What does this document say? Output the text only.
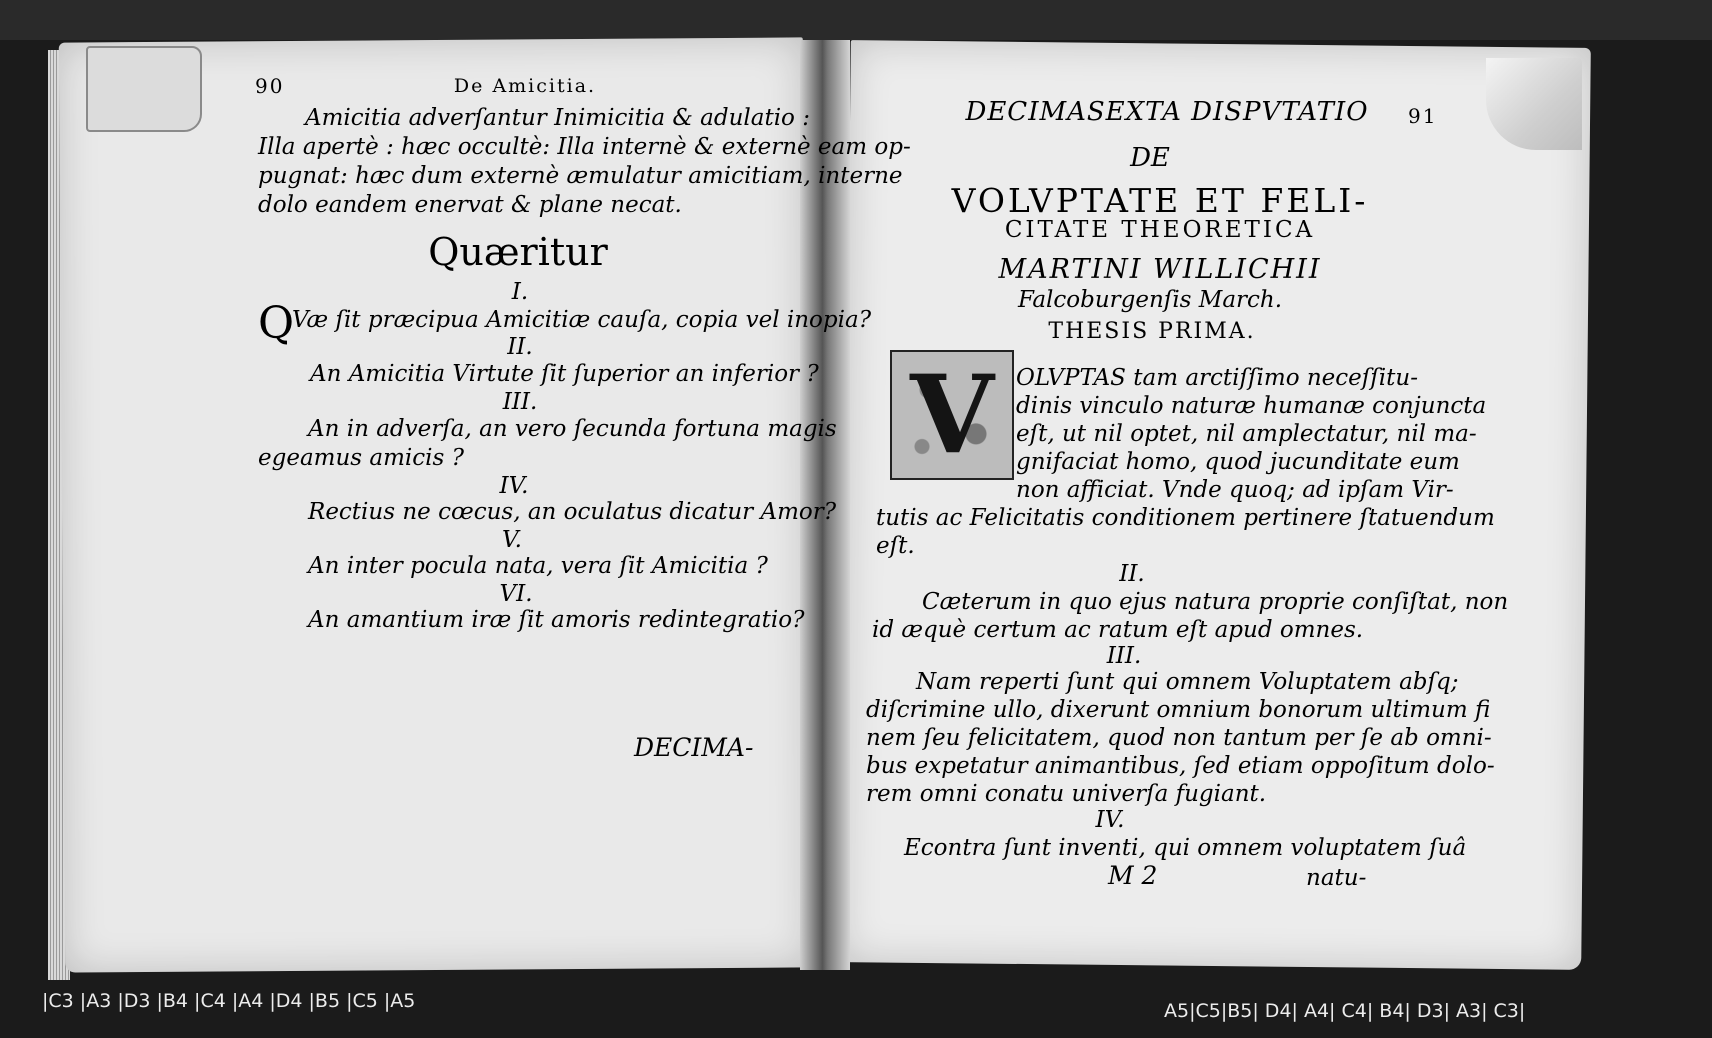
90	De Amicitia.
Amicitia adverſantur Inimicitia & adulatio :
Illa apertè : hæc occultè: Illa internè & externè eam op-
pugnat: hæc dum externè æmulatur amicitiam, interne
dolo eandem enervat & plane necat.
Quæritur
I.
Q
Væ ſit præcipua Amicitiæ cauſa, copia vel inopia?
II.
An Amicitia Virtute ſit ſuperior an inferior ?
III.
An in adverſa, an vero ſecunda fortuna magis
egeamus amicis ?
IV.
Rectius ne cœcus, an oculatus dicatur Amor?
V.
An inter pocula nata, vera ſit Amicitia ?
VI.
An amantium iræ ſit amoris redintegratio?
DECIMA-
91
DECIMASEXTA DISPVTATIO
DE
VOLVPTATE ET FELI-
CITATE THEORETICA
MARTINI WILLICHII
Falcoburgenſis March.
THESIS PRIMA.
V OLVPTAS tam arctiſſimo neceſſitu-
dinis vinculo naturæ humanæ conjuncta
eſt, ut nil optet, nil amplectatur, nil ma-
gnifaciat homo, quod jucunditate eum
non afficiat. Vnde quoq; ad ipſam Vir-
tutis ac Felicitatis conditionem pertinere ſtatuendum
eſt.
II.
Cæterum in quo ejus natura proprie conſiſtat, non
id æquè certum ac ratum eſt apud omnes.
III.
Nam reperti ſunt qui omnem Voluptatem abſq;
diſcrimine ullo, dixerunt omnium bonorum ultimum fi
nem ſeu felicitatem, quod non tantum per ſe ab omni-
bus expetatur animantibus, ſed etiam oppoſitum dolo-
rem omni conatu univerſa fugiant.
IV.
Econtra ſunt inventi, qui omnem voluptatem ſuâ
M 2	natu-
|C3 |A3 |D3 |B4 |C4 |A4 |D4 |B5 |C5 |A5	A5|C5|B5| D4| A4| C4| B4| D3| A3| C3|
